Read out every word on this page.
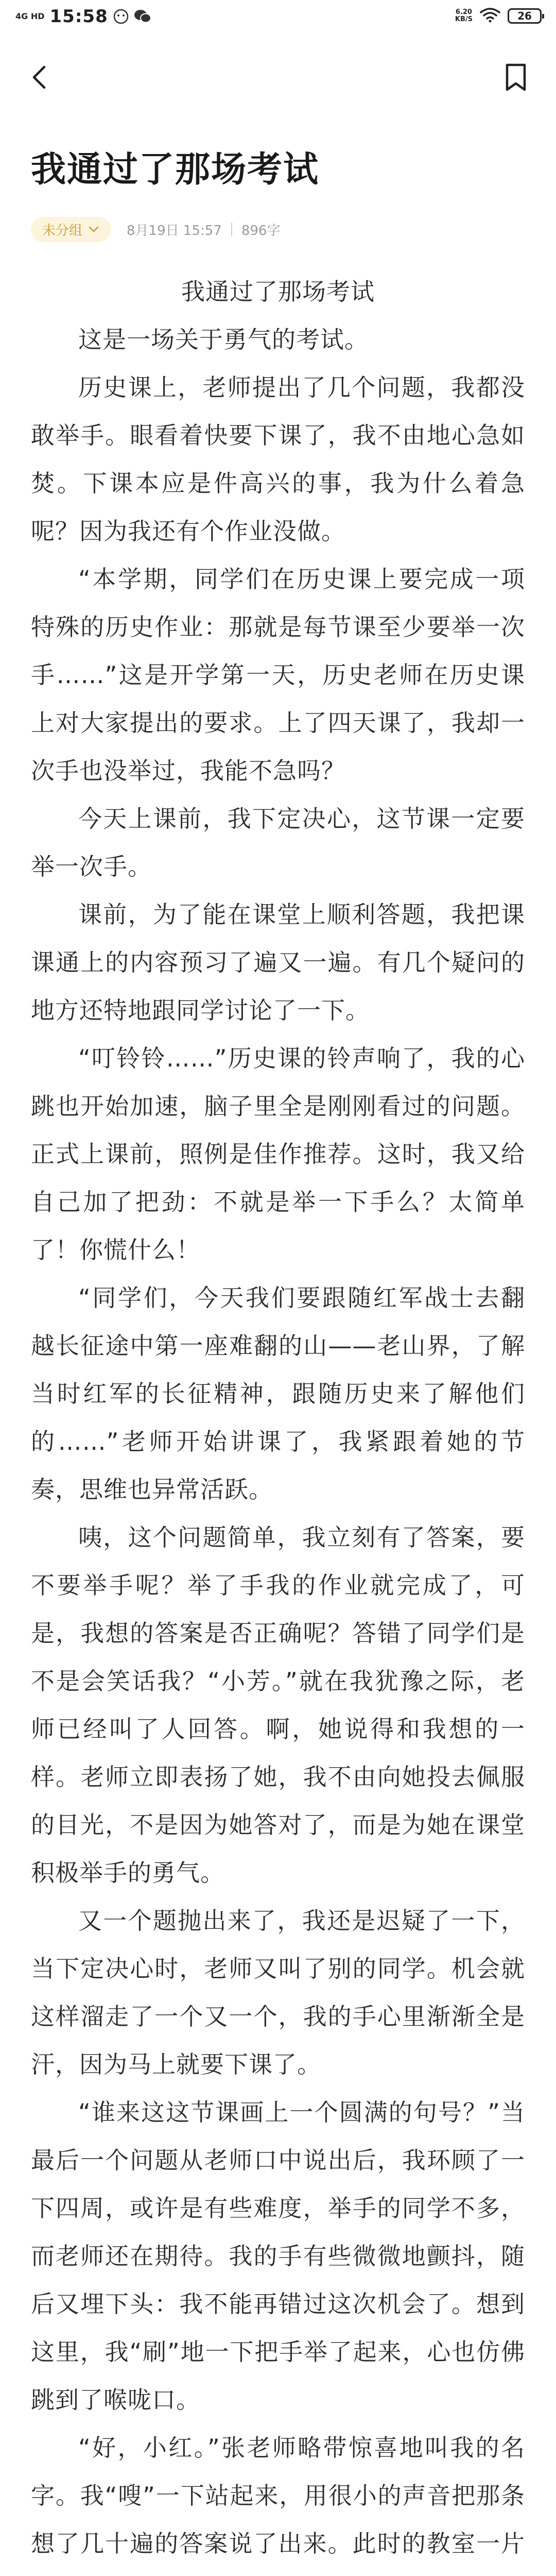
4G HD 15:58	6.20
KB/S	26
我通过了那场考试
未分组	8月19日 15:57 896字

我通过了那场考试

这是一场关于勇气的考试。

历史课上，老师提出了几个问题，我都没敢举手。眼看着快要下课了，我不由地心急如焚。下课本应是件高兴的事，我为什么着急呢？因为我还有个作业没做。

“本学期，同学们在历史课上要完成一项特殊的历史作业：那就是每节课至少要举一次手……”这是开学第一天，历史老师在历史课上对大家提出的要求。上了四天课了，我却一次手也没举过，我能不急吗？

今天上课前，我下定决心，这节课一定要举一次手。

课前，为了能在课堂上顺利答题，我把课课通上的内容预习了遍又一遍。有几个疑问的地方还特地跟同学讨论了一下。

“叮铃铃……”历史课的铃声响了，我的心跳也开始加速，脑子里全是刚刚看过的问题。正式上课前，照例是佳作推荐。这时，我又给自己加了把劲：不就是举一下手么？太简单了！你慌什么！

“同学们，今天我们要跟随红军战士去翻越长征途中第一座难翻的山——老山界，了解当时红军的长征精神，跟随历史来了解他们的……”老师开始讲课了，我紧跟着她的节奏，思维也异常活跃。

咦，这个问题简单，我立刻有了答案，要不要举手呢？举了手我的作业就完成了，可是，我想的答案是否正确呢？答错了同学们是不是会笑话我？“小芳。”就在我犹豫之际，老师已经叫了人回答。啊，她说得和我想的一样。老师立即表扬了她，我不由向她投去佩服的目光，不是因为她答对了，而是为她在课堂积极举手的勇气。

又一个题抛出来了，我还是迟疑了一下，当下定决心时，老师又叫了别的同学。机会就这样溜走了一个又一个，我的手心里渐渐全是汗，因为马上就要下课了。

“谁来这这节课画上一个圆满的句号？”当最后一个问题从老师口中说出后，我环顾了一下四周，或许是有些难度，举手的同学不多，而老师还在期待。我的手有些微微地颤抖，随后又埋下头：我不能再错过这次机会了。想到这里，我“刷”地一下把手举了起来，心也仿佛跳到了喉咙口。

“好，小红。”张老师略带惊喜地叫我的名字。我“嗖”一下站起来，用很小的声音把那条想了几十遍的答案说了出来。此时的教室一片
